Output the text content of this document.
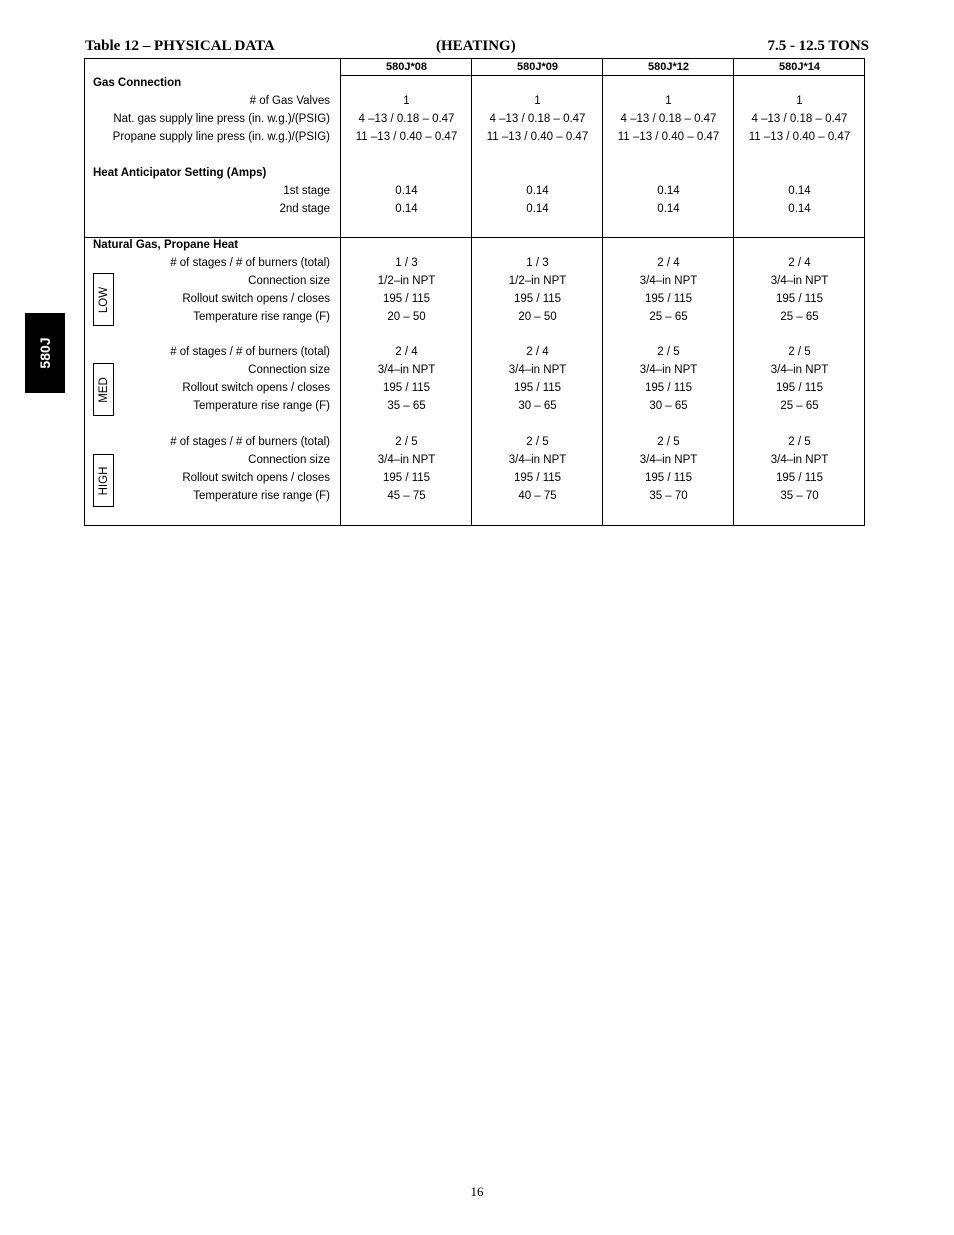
Table 12 – PHYSICAL DATA	(HEATING)	7.5 - 12.5 TONS
580J
580J*08	580J*09	580J*12	580J*14
Gas Connection
# of Gas Valves	1	1	1	1
Nat. gas supply line press (in. w.g.)/(PSIG)	4 –13 / 0.18 – 0.47	4 –13 / 0.18 – 0.47	4 –13 / 0.18 – 0.47	4 –13 / 0.18 – 0.47
Propane supply line press (in. w.g.)/(PSIG)	11 –13 / 0.40 – 0.47	11 –13 / 0.40 – 0.47	11 –13 / 0.40 – 0.47	11 –13 / 0.40 – 0.47
Heat Anticipator Setting (Amps)
1st stage	0.14	0.14	0.14	0.14
2nd stage	0.14	0.14	0.14	0.14
Natural Gas, Propane Heat
LOW
# of stages / # of burners (total)	1 / 3	1 / 3	2 / 4	2 / 4
Connection size	1/2–in NPT	1/2–in NPT	3/4–in NPT	3/4–in NPT
Rollout switch opens / closes	195 / 115	195 / 115	195 / 115	195 / 115
Temperature rise range (F)	20 – 50	20 – 50	25 – 65	25 – 65
MED
# of stages / # of burners (total)	2 / 4	2 / 4	2 / 5	2 / 5
Connection size	3/4–in NPT	3/4–in NPT	3/4–in NPT	3/4–in NPT
Rollout switch opens / closes	195 / 115	195 / 115	195 / 115	195 / 115
Temperature rise range (F)	35 – 65	30 – 65	30 – 65	25 – 65
HIGH
# of stages / # of burners (total)	2 / 5	2 / 5	2 / 5	2 / 5
Connection size	3/4–in NPT	3/4–in NPT	3/4–in NPT	3/4–in NPT
Rollout switch opens / closes	195 / 115	195 / 115	195 / 115	195 / 115
Temperature rise range (F)	45 – 75	40 – 75	35 – 70	35 – 70
16
